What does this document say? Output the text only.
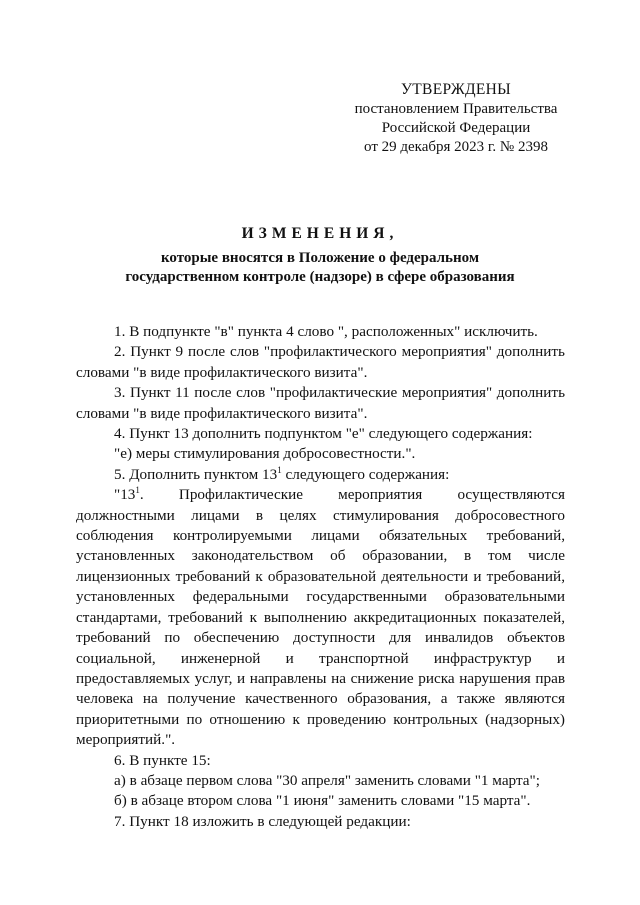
УТВЕРЖДЕНЫ
постановлением Правительства
Российской Федерации
от 29 декабря 2023 г. № 2398
ИЗМЕНЕНИЯ,
которые вносятся в Положение о федеральном
государственном контроле (надзоре) в сфере образования

1. В подпункте "в" пункта 4 слово ", расположенных" исключить.

2. Пункт 9 после слов "профилактического мероприятия" дополнить словами "в виде профилактического визита".

3. Пункт 11 после слов "профилактические мероприятия" дополнить словами "в виде профилактического визита".

4. Пункт 13 дополнить подпунктом "е" следующего содержания:

"е) меры стимулирования добросовестности.".

5. Дополнить пунктом $13^1$ следующего содержания:

"$13^1$. Профилактические мероприятия осуществляются должностными лицами в целях стимулирования добросовестного соблюдения контролируемыми лицами обязательных требований, установленных законодательством об образовании, в том числе лицензионных требований к образовательной деятельности и требований, установленных федеральными государственными образовательными стандартами, требований к выполнению аккредитационных показателей, требований по обеспечению доступности для инвалидов объектов социальной, инженерной и транспортной инфраструктур и предоставляемых услуг, и направлены на снижение риска нарушения прав человека на получение качественного образования, а также являются приоритетными по отношению к проведению контрольных (надзорных) мероприятий.".

6. В пункте 15:

а) в абзаце первом слова "30 апреля" заменить словами "1 марта";

б) в абзаце втором слова "1 июня" заменить словами "15 марта".

7. Пункт 18 изложить в следующей редакции:
